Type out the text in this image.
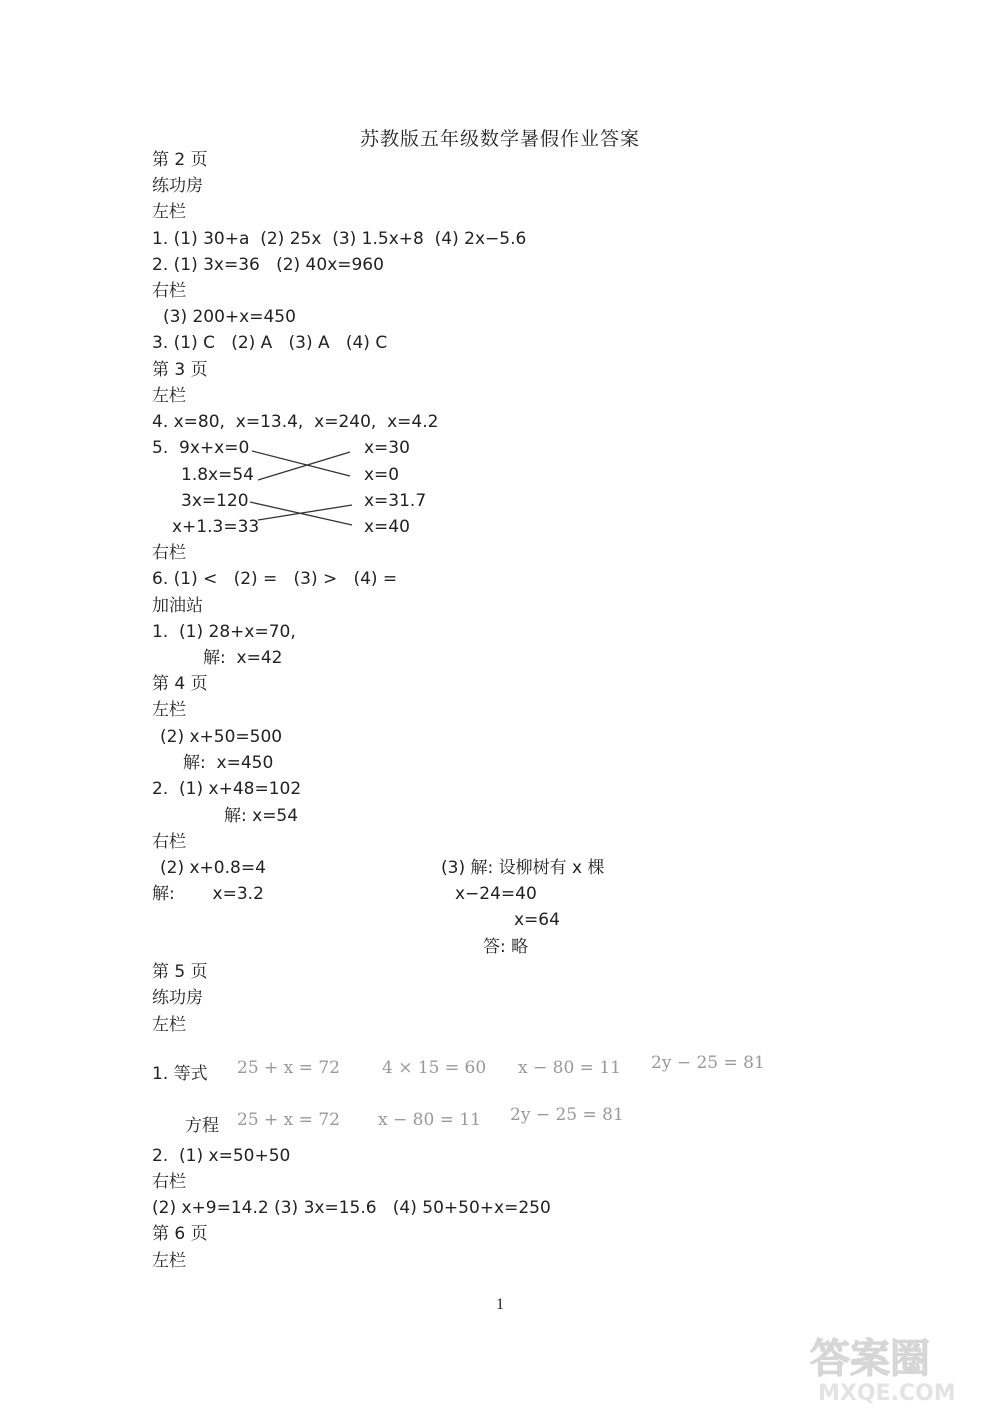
苏教版五年级数学暑假作业答案
第 2 页
练功房
左栏
1. (1) 30+a  (2) 25x  (3) 1.5x+8  (4) 2x−5.6
2. (1) 3x=36   (2) 40x=960
右栏
(3) 200+x=450
3. (1) C   (2) A   (3) A   (4) C
第 3 页
左栏
4. x=80,  x=13.4,  x=240,  x=4.2
5.  9x+x=0
1.8x=54
3x=120
x+1.3=33
x=30
x=0
x=31.7
x=40
右栏
6. (1) <   (2) =   (3) >   (4) =
加油站
1.  (1) 28+x=70,
解:  x=42
第 4 页
左栏
(2) x+50=500
解:  x=450
2.  (1) x+48=102
解: x=54
右栏
(2) x+0.8=4
解:       x=3.2
(3) 解: 设柳树有 x 棵
x−24=40
x=64
答: 略
第 5 页
练功房
左栏
1. 等式 25 + x = 72 4 × 15 = 60 x − 80 = 11 2y − 25 = 81
方程 25 + x = 72 x − 80 = 11 2y − 25 = 81
2.  (1) x=50+50
右栏
(2) x+9=14.2 (3) 3x=15.6   (4) 50+50+x=250
第 6 页
左栏
1
答案圈
MXQE.COM
